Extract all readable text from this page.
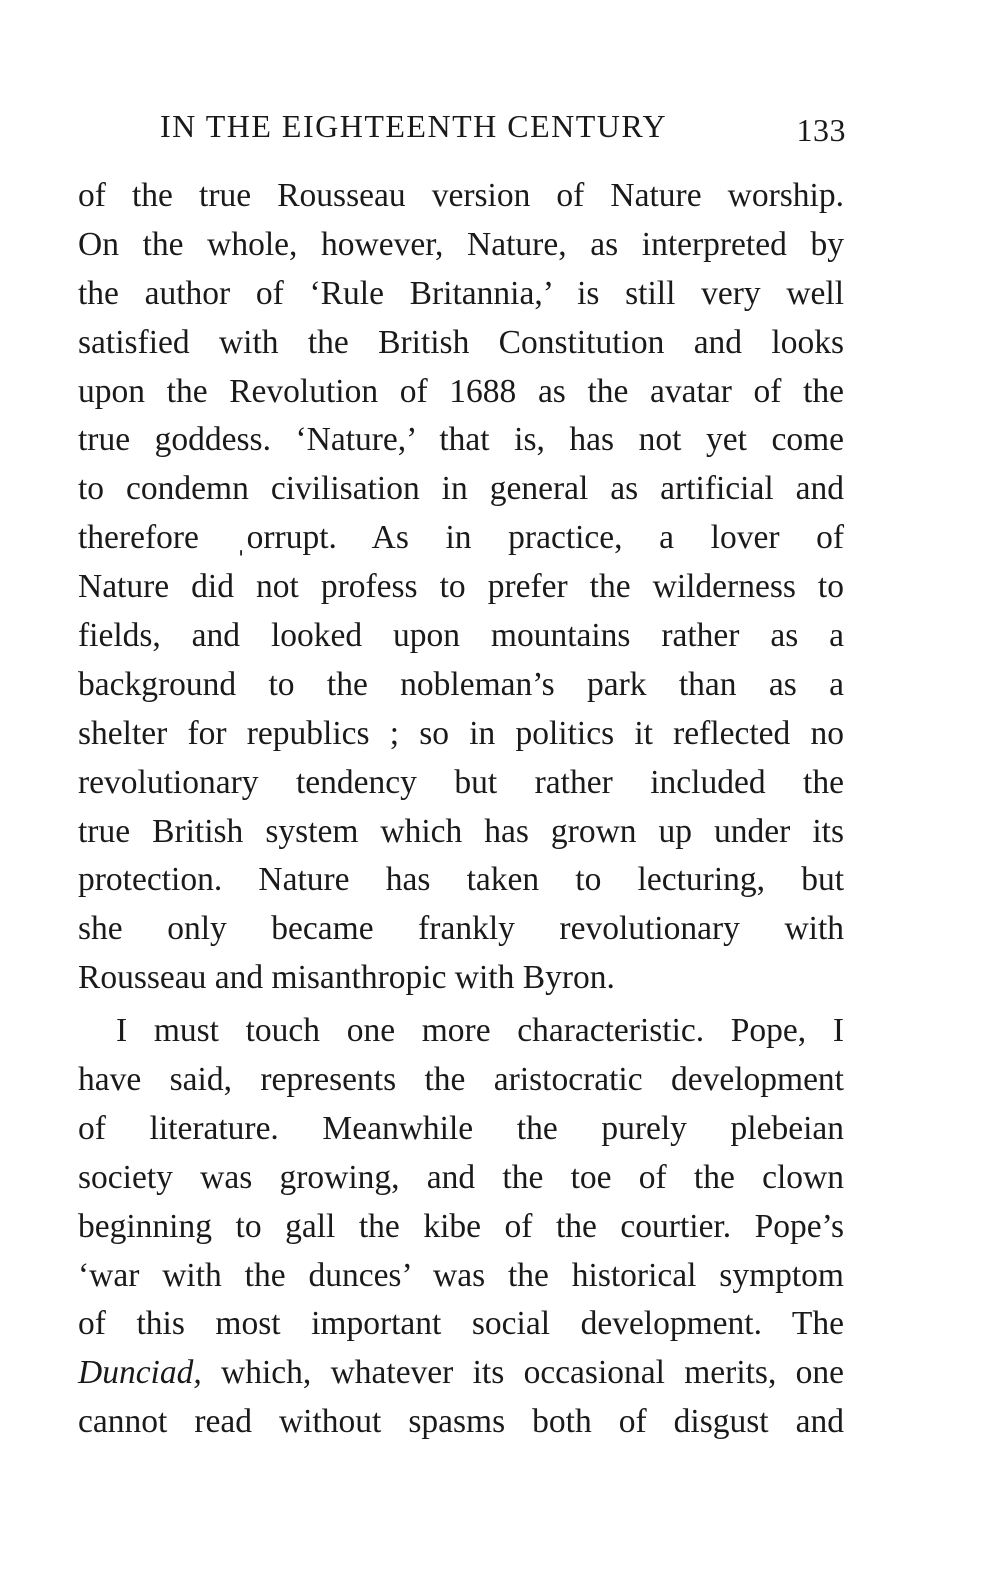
IN THE EIGHTEENTH CENTURY	133
of the true Rousseau version of Nature worship.
On the whole, however, Nature, as interpreted by
the author of ‘Rule Britannia,’ is still very well
satisfied with the British Constitution and looks
upon the Revolution of 1688 as the avatar of the
true goddess. ‘Nature,’ that is, has not yet come
to condemn civilisation in general as artificial and
therefore ˌorrupt. As in practice, a lover of
Nature did not profess to prefer the wilderness to
fields, and looked upon mountains rather as a
background to the nobleman’s park than as a
shelter for republics ; so in politics it reflected no
revolutionary tendency but rather included the
true British system which has grown up under its
protection. Nature has taken to lecturing, but
she only became frankly revolutionary with
Rousseau and misanthropic with Byron.
I must touch one more characteristic. Pope, I
have said, represents the aristocratic development
of literature. Meanwhile the purely plebeian
society was growing, and the toe of the clown
beginning to gall the kibe of the courtier. Pope’s
‘war with the dunces’ was the historical symptom
of this most important social development. The
Dunciad, which, whatever its occasional merits, one
cannot read without spasms both of disgust and
